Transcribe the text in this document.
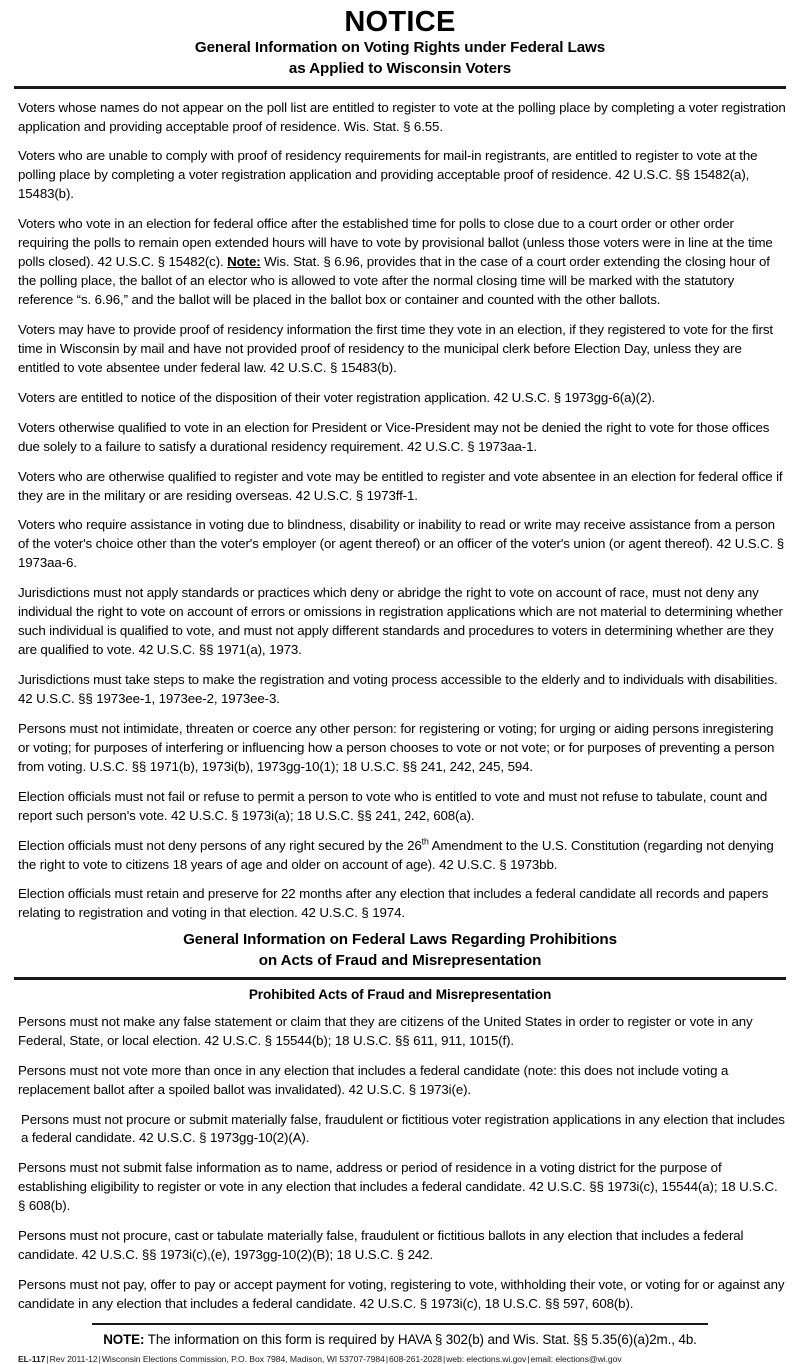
NOTICE
General Information on Voting Rights under Federal Laws
as Applied to Wisconsin Voters

Voters whose names do not appear on the poll list are entitled to register to vote at the polling place by completing a voter registration application and providing acceptable proof of residence. Wis. Stat. § 6.55.

Voters who are unable to comply with proof of residency requirements for mail-in registrants, are entitled to register to vote at the polling place by completing a voter registration application and providing acceptable proof of residence. 42 U.S.C. §§ 15482(a), 15483(b).

Voters who vote in an election for federal office after the established time for polls to close due to a court order or other order requiring the polls to remain open extended hours will have to vote by provisional ballot (unless those voters were in line at the time polls closed). 42 U.S.C. § 15482(c). Note: Wis. Stat. § 6.96, provides that in the case of a court order extending the closing hour of the polling place, the ballot of an elector who is allowed to vote after the normal closing time will be marked with the statutory reference “s. 6.96,” and the ballot will be placed in the ballot box or container and counted with the other ballots.

Voters may have to provide proof of residency information the first time they vote in an election, if they registered to vote for the first time in Wisconsin by mail and have not provided proof of residency to the municipal clerk before Election Day, unless they are entitled to vote absentee under federal law. 42 U.S.C. § 15483(b).

Voters are entitled to notice of the disposition of their voter registration application. 42 U.S.C. § 1973gg-6(a)(2).

Voters otherwise qualified to vote in an election for President or Vice-President may not be denied the right to vote for those offices due solely to a failure to satisfy a durational residency requirement. 42 U.S.C. § 1973aa-1.

Voters who are otherwise qualified to register and vote may be entitled to register and vote absentee in an election for federal office if they are in the military or are residing overseas. 42 U.S.C. § 1973ff-1.

Voters who require assistance in voting due to blindness, disability or inability to read or write may receive assistance from a person of the voter's choice other than the voter's employer (or agent thereof) or an officer of the voter's union (or agent thereof). 42 U.S.C. § 1973aa-6.

Jurisdictions must not apply standards or practices which deny or abridge the right to vote on account of race, must not deny any individual the right to vote on account of errors or omissions in registration applications which are not material to determining whether such individual is qualified to vote, and must not apply different standards and procedures to voters in determining whether are they are qualified to vote. 42 U.S.C. §§ 1971(a), 1973.

Jurisdictions must take steps to make the registration and voting process accessible to the elderly and to individuals with disabilities. 42 U.S.C. §§ 1973ee-1, 1973ee-2, 1973ee-3.

Persons must not intimidate, threaten or coerce any other person: for registering or voting; for urging or aiding persons inregistering or voting; for purposes of interfering or influencing how a person chooses to vote or not vote; or for purposes of preventing a person from voting. U.S.C. §§ 1971(b), 1973i(b), 1973gg-10(1); 18 U.S.C. §§ 241, 242, 245, 594.

Election officials must not fail or refuse to permit a person to vote who is entitled to vote and must not refuse to tabulate, count and report such person's vote. 42 U.S.C. § 1973i(a); 18 U.S.C. §§ 241, 242, 608(a).

Election officials must not deny persons of any right secured by the 26th Amendment to the U.S. Constitution (regarding not denying the right to vote to citizens 18 years of age and older on account of age). 42 U.S.C. § 1973bb.

Election officials must retain and preserve for 22 months after any election that includes a federal candidate all records and papers relating to registration and voting in that election. 42 U.S.C. § 1974.

General Information on Federal Laws Regarding Prohibitions
on Acts of Fraud and Misrepresentation
Prohibited Acts of Fraud and Misrepresentation

Persons must not make any false statement or claim that they are citizens of the United States in order to register or vote in any Federal, State, or local election. 42 U.S.C. § 15544(b); 18 U.S.C. §§ 611, 911, 1015(f).

Persons must not vote more than once in any election that includes a federal candidate (note: this does not include voting a replacement ballot after a spoiled ballot was invalidated). 42 U.S.C. § 1973i(e).

Persons must not procure or submit materially false, fraudulent or fictitious voter registration applications in any election that includes a federal candidate. 42 U.S.C. § 1973gg-10(2)(A).

Persons must not submit false information as to name, address or period of residence in a voting district for the purpose of establishing eligibility to register or vote in any election that includes a federal candidate. 42 U.S.C. §§ 1973i(c), 15544(a); 18 U.S.C. § 608(b).

Persons must not procure, cast or tabulate materially false, fraudulent or fictitious ballots in any election that includes a federal candidate. 42 U.S.C. §§ 1973i(c),(e), 1973gg-10(2)(B); 18 U.S.C. § 242.

Persons must not pay, offer to pay or accept payment for voting, registering to vote, withholding their vote, or voting for or against any candidate in any election that includes a federal candidate. 42 U.S.C. § 1973i(c), 18 U.S.C. §§ 597, 608(b).

NOTE: The information on this form is required by HAVA § 302(b) and Wis. Stat. §§ 5.35(6)(a)2m., 4b.
EL-117|Rev 2011-12|Wisconsin Elections Commission, P.O. Box 7984, Madison, WI 53707-7984|608-261-2028|web: elections.wi.gov|email: elections@wi.gov
